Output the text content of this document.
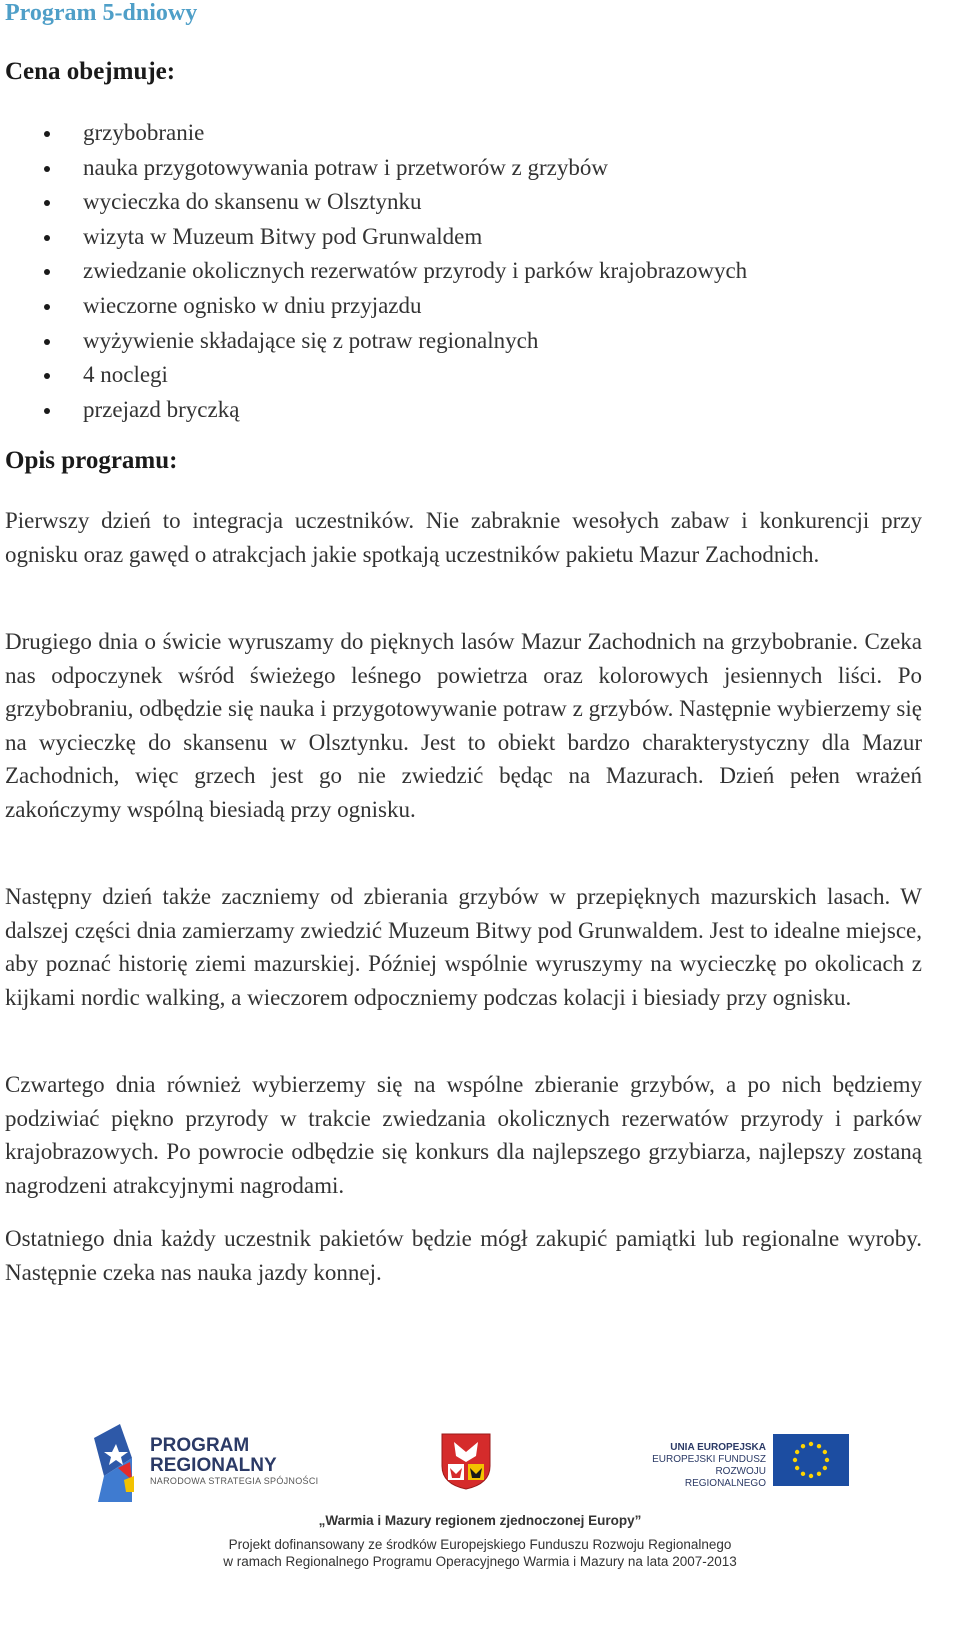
Program 5-dniowy
Cena obejmuje:
grzybobranie
nauka przygotowywania potraw i przetworów z grzybów
wycieczka do skansenu w Olsztynku
wizyta w Muzeum Bitwy pod Grunwaldem
zwiedzanie okolicznych rezerwatów przyrody i parków krajobrazowych
wieczorne ognisko w dniu przyjazdu
wyżywienie składające się z potraw regionalnych
4 noclegi
przejazd bryczką
Opis programu:

Pierwszy dzień to integracja uczestników. Nie zabraknie wesołych zabaw i konkurencji przy ognisku oraz gawęd o atrakcjach jakie spotkają uczestników pakietu Mazur Zachodnich.

Drugiego dnia o świcie wyruszamy do pięknych lasów Mazur Zachodnich na grzybobranie. Czeka nas odpoczynek wśród świeżego leśnego powietrza oraz kolorowych jesiennych liści. Po grzybobraniu, odbędzie się nauka i przygotowywanie potraw z grzybów. Następnie wybierzemy się na wycieczkę do skansenu w Olsztynku. Jest to obiekt bardzo charakterystyczny dla Mazur Zachodnich, więc grzech jest go nie zwiedzić będąc na Mazurach. Dzień pełen wrażeń zakończymy wspólną biesiadą przy ognisku.

Następny dzień także zaczniemy od zbierania grzybów w przepięknych mazurskich lasach. W dalszej części dnia zamierzamy zwiedzić Muzeum Bitwy pod Grunwaldem. Jest to idealne miejsce, aby poznać historię ziemi mazurskiej. Później wspólnie wyruszymy na wycieczkę po okolicach z kijkami nordic walking, a wieczorem odpoczniemy podczas kolacji i biesiady przy ognisku.

Czwartego dnia również wybierzemy się na wspólne zbieranie grzybów, a po nich będziemy podziwiać piękno przyrody w trakcie zwiedzania okolicznych rezerwatów przyrody i parków krajobrazowych. Po powrocie odbędzie się konkurs dla najlepszego grzybiarza, najlepszy zostaną nagrodzeni atrakcyjnymi nagrodami.

Ostatniego dnia każdy uczestnik pakietów będzie mógł zakupić pamiątki lub regionalne wyroby. Następnie czeka nas nauka jazdy konnej.

PROGRAM
REGIONALNY
NARODOWA STRATEGIA SPÓJNOŚCI
UNIA EUROPEJSKA
EUROPEJSKI FUNDUSZ
ROZWOJU REGIONALNEGO
„Warmia i Mazury regionem zjednoczonej Europy”
Projekt dofinansowany ze środków Europejskiego Funduszu Rozwoju Regionalnego
w ramach Regionalnego Programu Operacyjnego Warmia i Mazury na lata 2007-2013
